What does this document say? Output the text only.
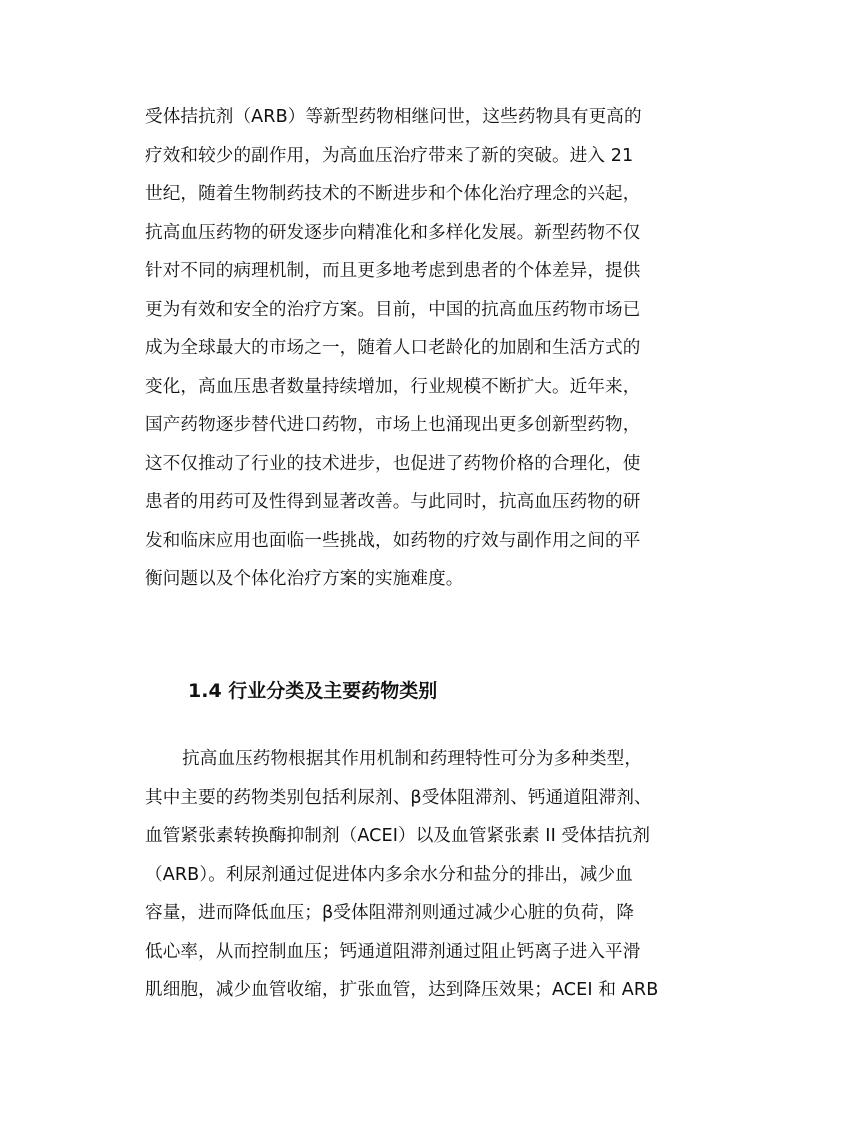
受体拮抗剂（ARB）等新型药物相继问世，这些药物具有更高的
疗效和较少的副作用，为高血压治疗带来了新的突破。进入 21
世纪，随着生物制药技术的不断进步和个体化治疗理念的兴起，
抗高血压药物的研发逐步向精准化和多样化发展。新型药物不仅
针对不同的病理机制，而且更多地考虑到患者的个体差异，提供
更为有效和安全的治疗方案。目前，中国的抗高血压药物市场已
成为全球最大的市场之一，随着人口老龄化的加剧和生活方式的
变化，高血压患者数量持续增加，行业规模不断扩大。近年来，
国产药物逐步替代进口药物，市场上也涌现出更多创新型药物，
这不仅推动了行业的技术进步，也促进了药物价格的合理化，使
患者的用药可及性得到显著改善。与此同时，抗高血压药物的研
发和临床应用也面临一些挑战，如药物的疗效与副作用之间的平
衡问题以及个体化治疗方案的实施难度。
1.4 行业分类及主要药物类别
抗高血压药物根据其作用机制和药理特性可分为多种类型，
其中主要的药物类别包括利尿剂、β受体阻滞剂、钙通道阻滞剂、
血管紧张素转换酶抑制剂（ACEI）以及血管紧张素 II 受体拮抗剂
（ARB）。利尿剂通过促进体内多余水分和盐分的排出，减少血
容量，进而降低血压；β受体阻滞剂则通过减少心脏的负荷，降
低心率，从而控制血压；钙通道阻滞剂通过阻止钙离子进入平滑
肌细胞，减少血管收缩，扩张血管，达到降压效果；ACEI 和 ARB
